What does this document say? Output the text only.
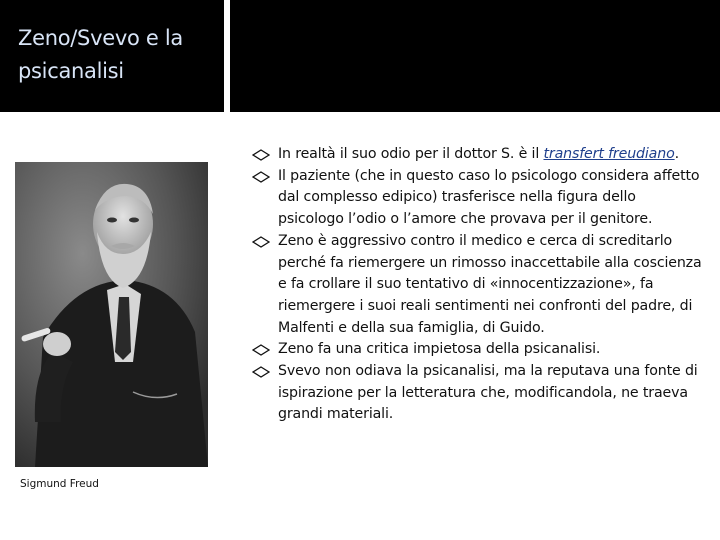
Zeno/Svevo e la psicanalisi
Sigmund Freud
In realtà il suo odio per il dottor S. è il transfert freudiano.
Il paziente (che in questo caso lo psicologo considera affetto dal complesso edipico) trasferisce nella figura dello psicologo l’odio o l’amore che provava per il genitore.
Zeno è aggressivo contro il medico e cerca di screditarlo perché fa riemergere un rimosso inaccettabile alla coscienza e fa crollare il suo tentativo di «innocentizzazione», fa riemergere i suoi reali sentimenti nei confronti del padre, di Malfenti e della sua famiglia, di Guido.
Zeno fa una critica impietosa della psicanalisi.
Svevo non odiava la psicanalisi, ma la reputava una fonte di ispirazione per la letteratura che, modificandola, ne traeva grandi materiali.
